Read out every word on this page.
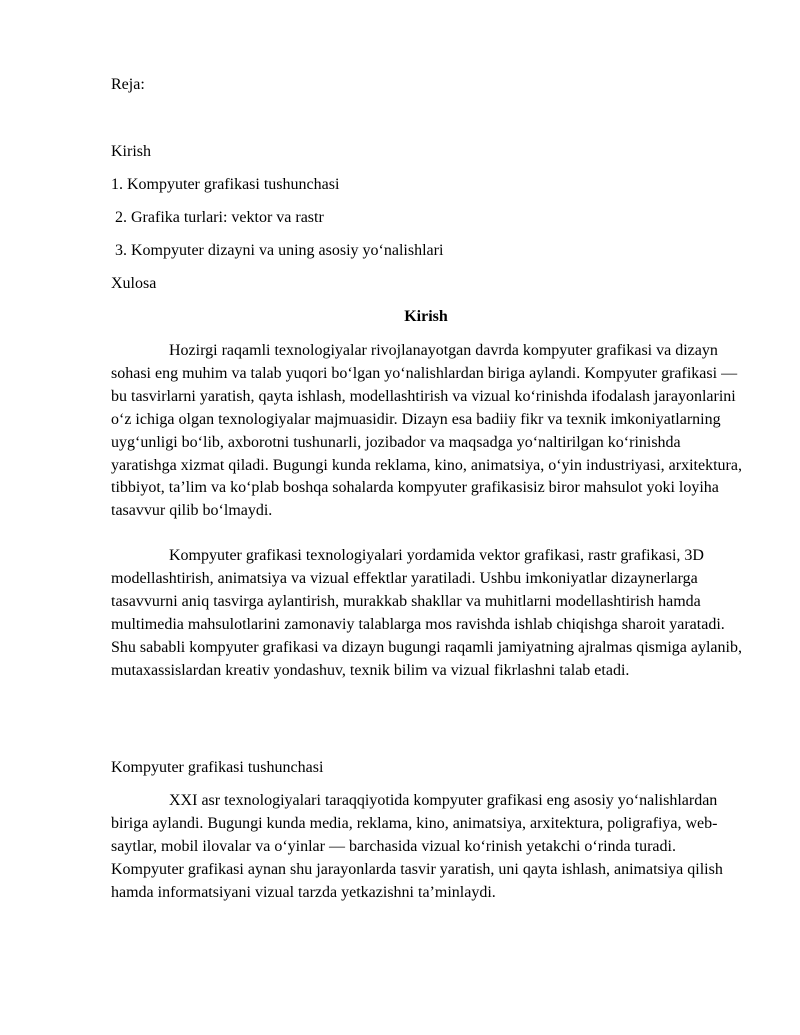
Reja:
Kirish
1. Kompyuter grafikasi tushunchasi
2. Grafika turlari: vektor va rastr
3. Kompyuter dizayni va uning asosiy yo‘nalishlari
Xulosa
Kirish

Hozirgi raqamli texnologiyalar rivojlanayotgan davrda kompyuter grafikasi va dizayn sohasi eng muhim va talab yuqori bo‘lgan yo‘nalishlardan biriga aylandi. Kompyuter grafikasi — bu tasvirlarni yaratish, qayta ishlash, modellashtirish va vizual ko‘rinishda ifodalash jarayonlarini o‘z ichiga olgan texnologiyalar majmuasidir. Dizayn esa badiiy fikr va texnik imkoniyatlarning uyg‘unligi bo‘lib, axborotni tushunarli, jozibador va maqsadga yo‘naltirilgan ko‘rinishda yaratishga xizmat qiladi. Bugungi kunda reklama, kino, animatsiya, o‘yin industriyasi, arxitektura, tibbiyot, ta’lim va ko‘plab boshqa sohalarda kompyuter grafikasisiz biror mahsulot yoki loyiha tasavvur qilib bo‘lmaydi.

Kompyuter grafikasi texnologiyalari yordamida vektor grafikasi, rastr grafikasi, 3D modellashtirish, animatsiya va vizual effektlar yaratiladi. Ushbu imkoniyatlar dizaynerlarga tasavvurni aniq tasvirga aylantirish, murakkab shakllar va muhitlarni modellashtirish hamda multimedia mahsulotlarini zamonaviy talablarga mos ravishda ishlab chiqishga sharoit yaratadi. Shu sababli kompyuter grafikasi va dizayn bugungi raqamli jamiyatning ajralmas qismiga aylanib, mutaxassislardan kreativ yondashuv, texnik bilim va vizual fikrlashni talab etadi.

Kompyuter grafikasi tushunchasi

XXI asr texnologiyalari taraqqiyotida kompyuter grafikasi eng asosiy yo‘nalishlardan biriga aylandi. Bugungi kunda media, reklama, kino, animatsiya, arxitektura, poligrafiya, web-saytlar, mobil ilovalar va o‘yinlar — barchasida vizual ko‘rinish yetakchi o‘rinda turadi. Kompyuter grafikasi aynan shu jarayonlarda tasvir yaratish, uni qayta ishlash, animatsiya qilish hamda informatsiyani vizual tarzda yetkazishni ta’minlaydi.
